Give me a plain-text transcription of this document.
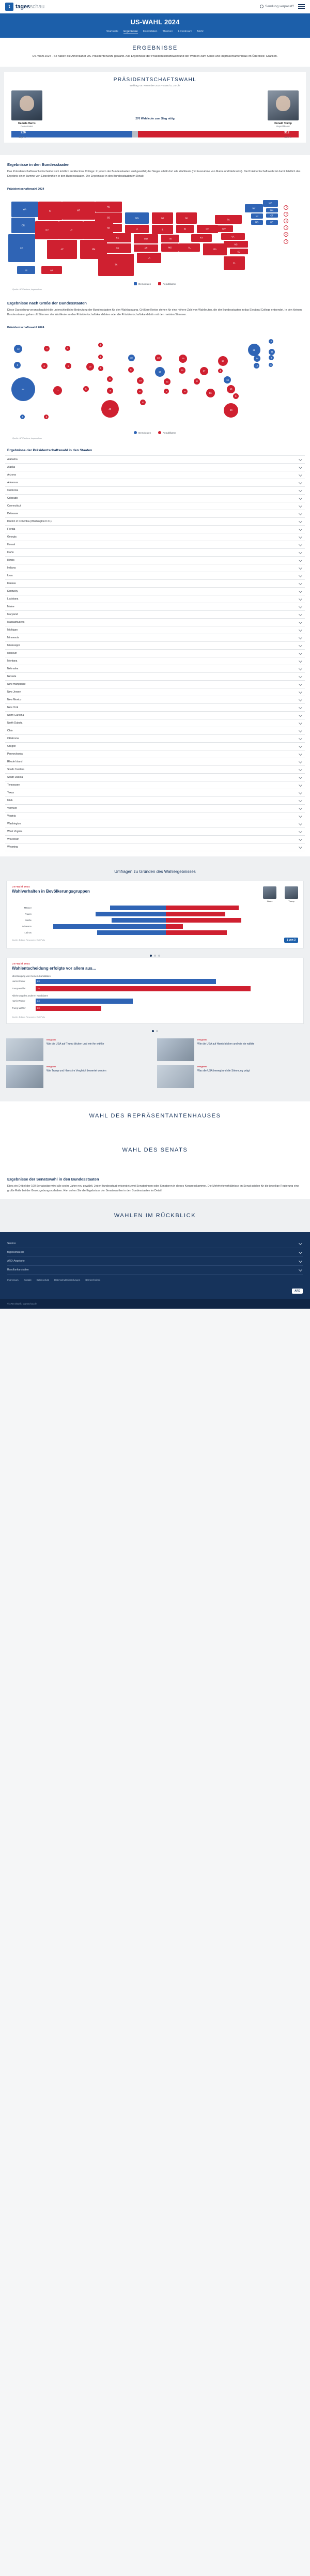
t tagesschau	Sendung verpasst?
US-WAHL 2024
Startseite Ergebnisse Kandidaten Themen Livestream Mehr
ERGEBNISSE
US-Wahl 2024 - So haben die Amerikaner US-Präsidentenwahl gewählt. Alle Ergebnisse der Präsidentschaftswahl und der Wahlen zum Senat und Repräsentantenhaus im Überblick: Grafiken.
PRÄSIDENTSCHAFTSWAHL
Wahltag: 05. November 2024 – Stand 11:24 Uhr
Kamala Harris
Demokraten
270 Wahlleute zum Sieg nötig
Donald Trump
Republikaner
226	312
48,3 %	49,9 %
Ergebnisse in den Bundesstaaten
Das Präsidentschaftswahl entscheidet sich letztlich an Electoral College: In jedem der Bundesstaaten wird gewählt; der Sieger erhält dort alle Wahlleute (mit Ausnahme von Maine und Nebraska). Die Präsidentschaftswahl ist damit letztlich das Ergebnis einer Summe von Einzelwahlen in den Bundesstaaten. Die Ergebnisse in den Bundesstaaten im Detail:
Präsidentschaftswahl 2024
WA
OR
CA
ID
NV	UT
MT
AZ	NM
ND
SD
NE
KS
OK
TX
MN
IA
MO
AR
LA
WI
IL
TN
MS
MI
IN
AL
OH
KY
GA
PA
WV
VA
NC
SC
FL
NY
ME
NJ
MA
CT
MD	DE
HI	AK
3
4
3
3
10
3
Demokraten	Republikaner
Quelle: AP/Reuters, tagesschau
Ergebnisse nach Größe der Bundesstaaten
Diese Darstellung veranschaulicht die unterschiedliche Bedeutung der Bundesstaaten für den Wahlausgang. Größere Kreise stehen für eine höhere Zahl von Wahlleuten, die der Bundesstaaten in das Electoral College entsendet. In den kleinen Bundesstaaten gehen oft Stimmen der Wahlleute an den Präsidentschaftskandidaten oder die Präsidentschaftskandidatin mit den meisten Stimmen.
Präsidentschaftswahl 2024
12
8
54
4
6	6
4
11
5
10
3
3
5
6
7
40
10
6
10
6
8
10
19
11
6
15
11
9
17
8
16
19
4
13
16
9
30
28
4
14
11
7
10	3
4	3
Demokraten	Republikaner
Quelle: AP/Reuters, tagesschau
Ergebnisse der Präsidentschaftswahl in den Staaten
Alabama
Alaska
Arizona
Arkansas
California
Colorado
Connecticut
Delaware
District of Columbia (Washington D.C.)
Florida
Georgia
Hawaii
Idaho
Illinois
Indiana
Iowa
Kansas
Kentucky
Louisiana
Maine
Maryland
Massachusetts
Michigan
Minnesota
Mississippi
Missouri
Montana
Nebraska
Nevada
New Hampshire
New Jersey
New Mexico
New York
North Carolina
North Dakota
Ohio
Oklahoma
Oregon
Pennsylvania
Rhode Island
South Carolina
South Dakota
Tennessee
Texas
Utah
Vermont
Virginia
Washington
West Virginia
Wisconsin
Wyoming
Umfragen zu Gründen des Wahlergebnisses
US-Wahl 2024
Wahlverhalten in Bevölkerungsgruppen
Harris	Trump
Männer
Frauen
53
Weiße
Schwarze
85
Latinos
52	46
Quelle: Edison Research / Exit Polls	1 von 3
US-Wahl 2024
Wahlentscheidung erfolgte vor allem aus...
Überzeugung von meinem Kandidaten
Harris-Wähler	63
Trump-Wähler	75
Ablehnung des anderen Kandidaten
Harris-Wähler	34
Trump-Wähler	23
Quelle: Edison Research / Exit Polls
Infografik
Wie die USA auf Trump blicken und wie ihn wählte
Infografik
Wie die USA auf Harris blicken und wie sie wählte
Infografik
Wie Trump und Harris im Vergleich bewertet werden
Infografik
Was die USA bewegt und die Stimmung prägt
WAHL DES REPRÄSENTANTENHAUSES
WAHL DES SENATS
Ergebnisse der Senatswahl in den Bundesstaaten
Etwa ein Drittel der 100 Senatssitze wird alle sechs Jahre neu gewählt. Jeder Bundesstaat entsendet zwei Senatorinnen oder Senatoren in dieses Kongresskammer. Die Mehrheitsverhältnisse im Senat spielen für die jeweilige Regierung eine große Rolle bei der Gesetzgebungsvorhaben. Hier sehen Sie die Ergebnisse der Senatswahlen in den Bundesstaaten im Detail:
WAHLEN IM RÜCKBLICK
Service
tagesschau.de
ARD-Angebote
Rundfunkanstalten
Impressum Kontakt Datenschutz Datenschutzeinstellungen Barrierefreiheit
ARD
© ARD-aktuell / tagesschau.de
